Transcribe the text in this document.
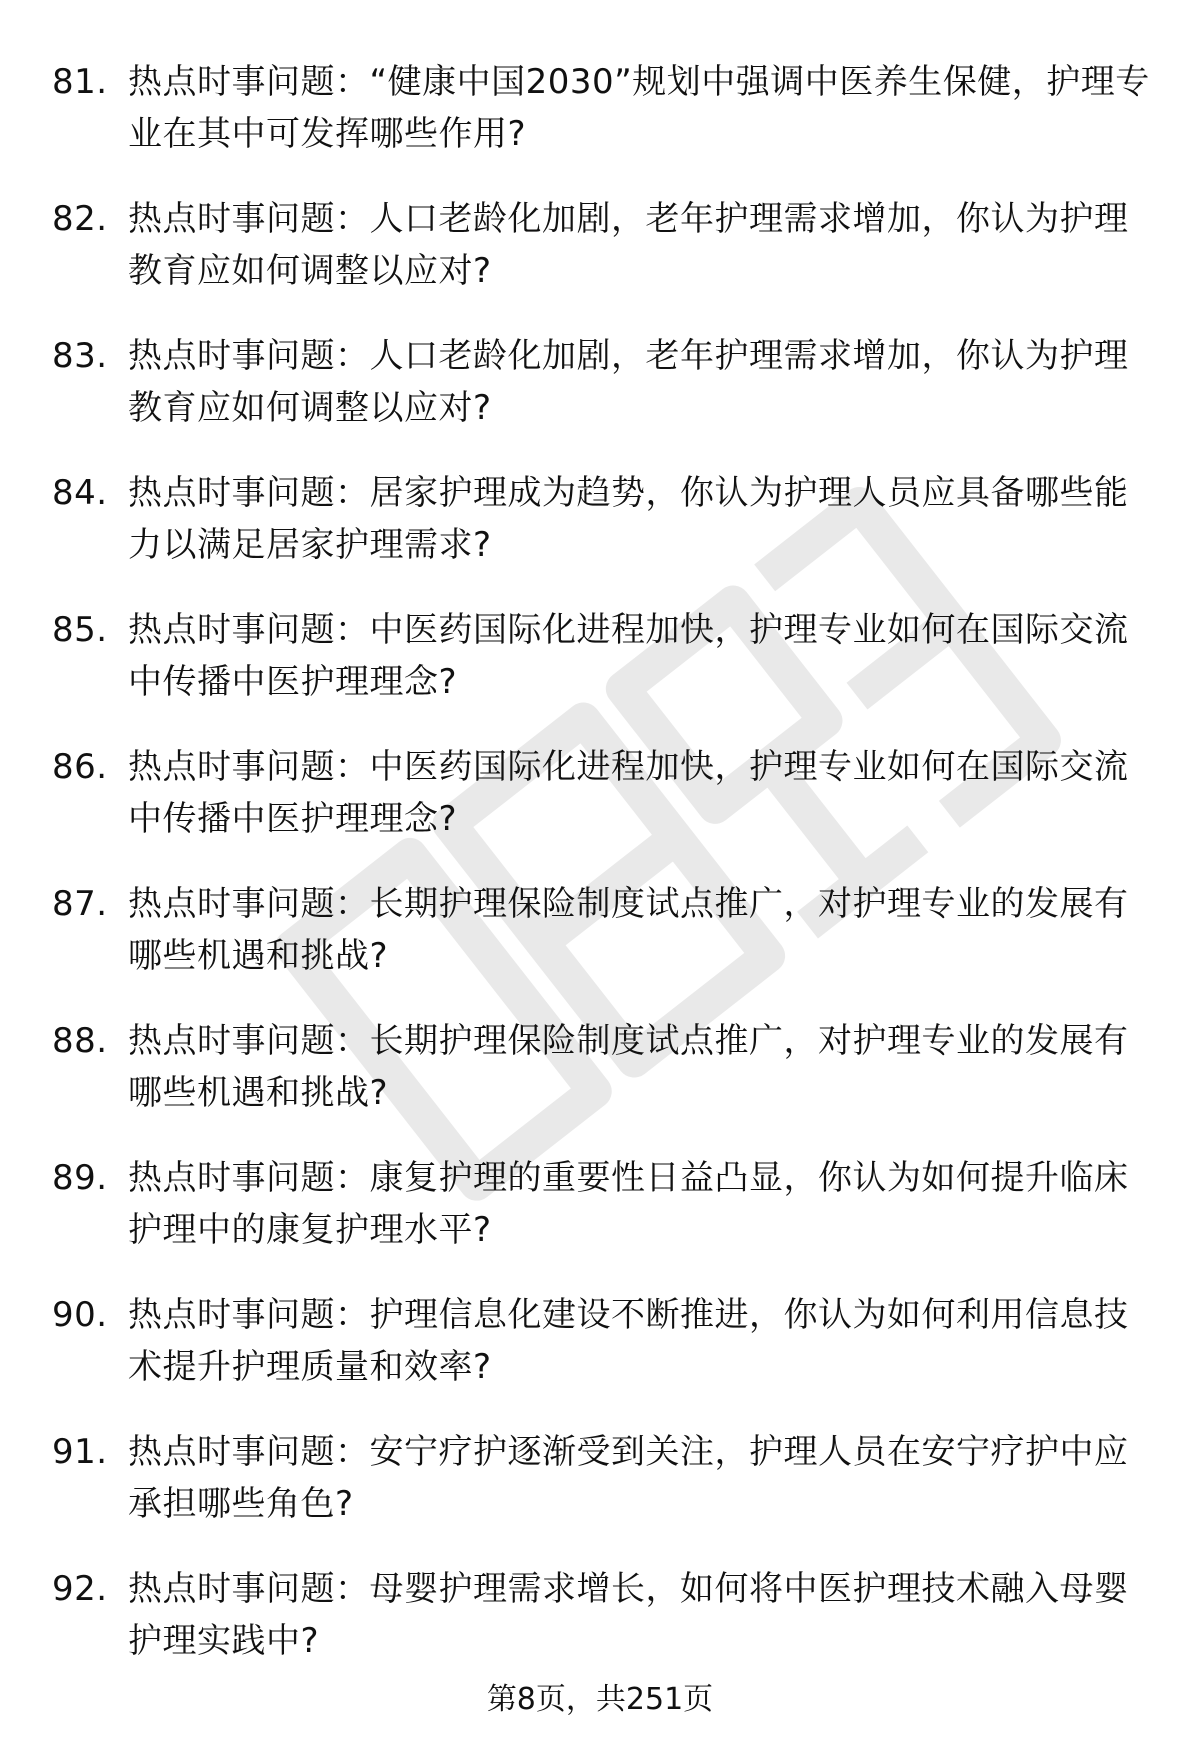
81. 热点时事问题：“健康中国2030”规划中强调中医养生保健，护理专业在其中可发挥哪些作用?
82. 热点时事问题：人口老龄化加剧，老年护理需求增加，你认为护理教育应如何调整以应对?
83. 热点时事问题：人口老龄化加剧，老年护理需求增加，你认为护理教育应如何调整以应对?
84. 热点时事问题：居家护理成为趋势，你认为护理人员应具备哪些能力以满足居家护理需求?
85. 热点时事问题：中医药国际化进程加快，护理专业如何在国际交流中传播中医护理理念?
86. 热点时事问题：中医药国际化进程加快，护理专业如何在国际交流中传播中医护理理念?
87. 热点时事问题：长期护理保险制度试点推广，对护理专业的发展有哪些机遇和挑战?
88. 热点时事问题：长期护理保险制度试点推广，对护理专业的发展有哪些机遇和挑战?
89. 热点时事问题：康复护理的重要性日益凸显，你认为如何提升临床护理中的康复护理水平?
90. 热点时事问题：护理信息化建设不断推进，你认为如何利用信息技术提升护理质量和效率?
91. 热点时事问题：安宁疗护逐渐受到关注，护理人员在安宁疗护中应承担哪些角色?
92. 热点时事问题：母婴护理需求增长，如何将中医护理技术融入母婴护理实践中?
第8页，共251页
